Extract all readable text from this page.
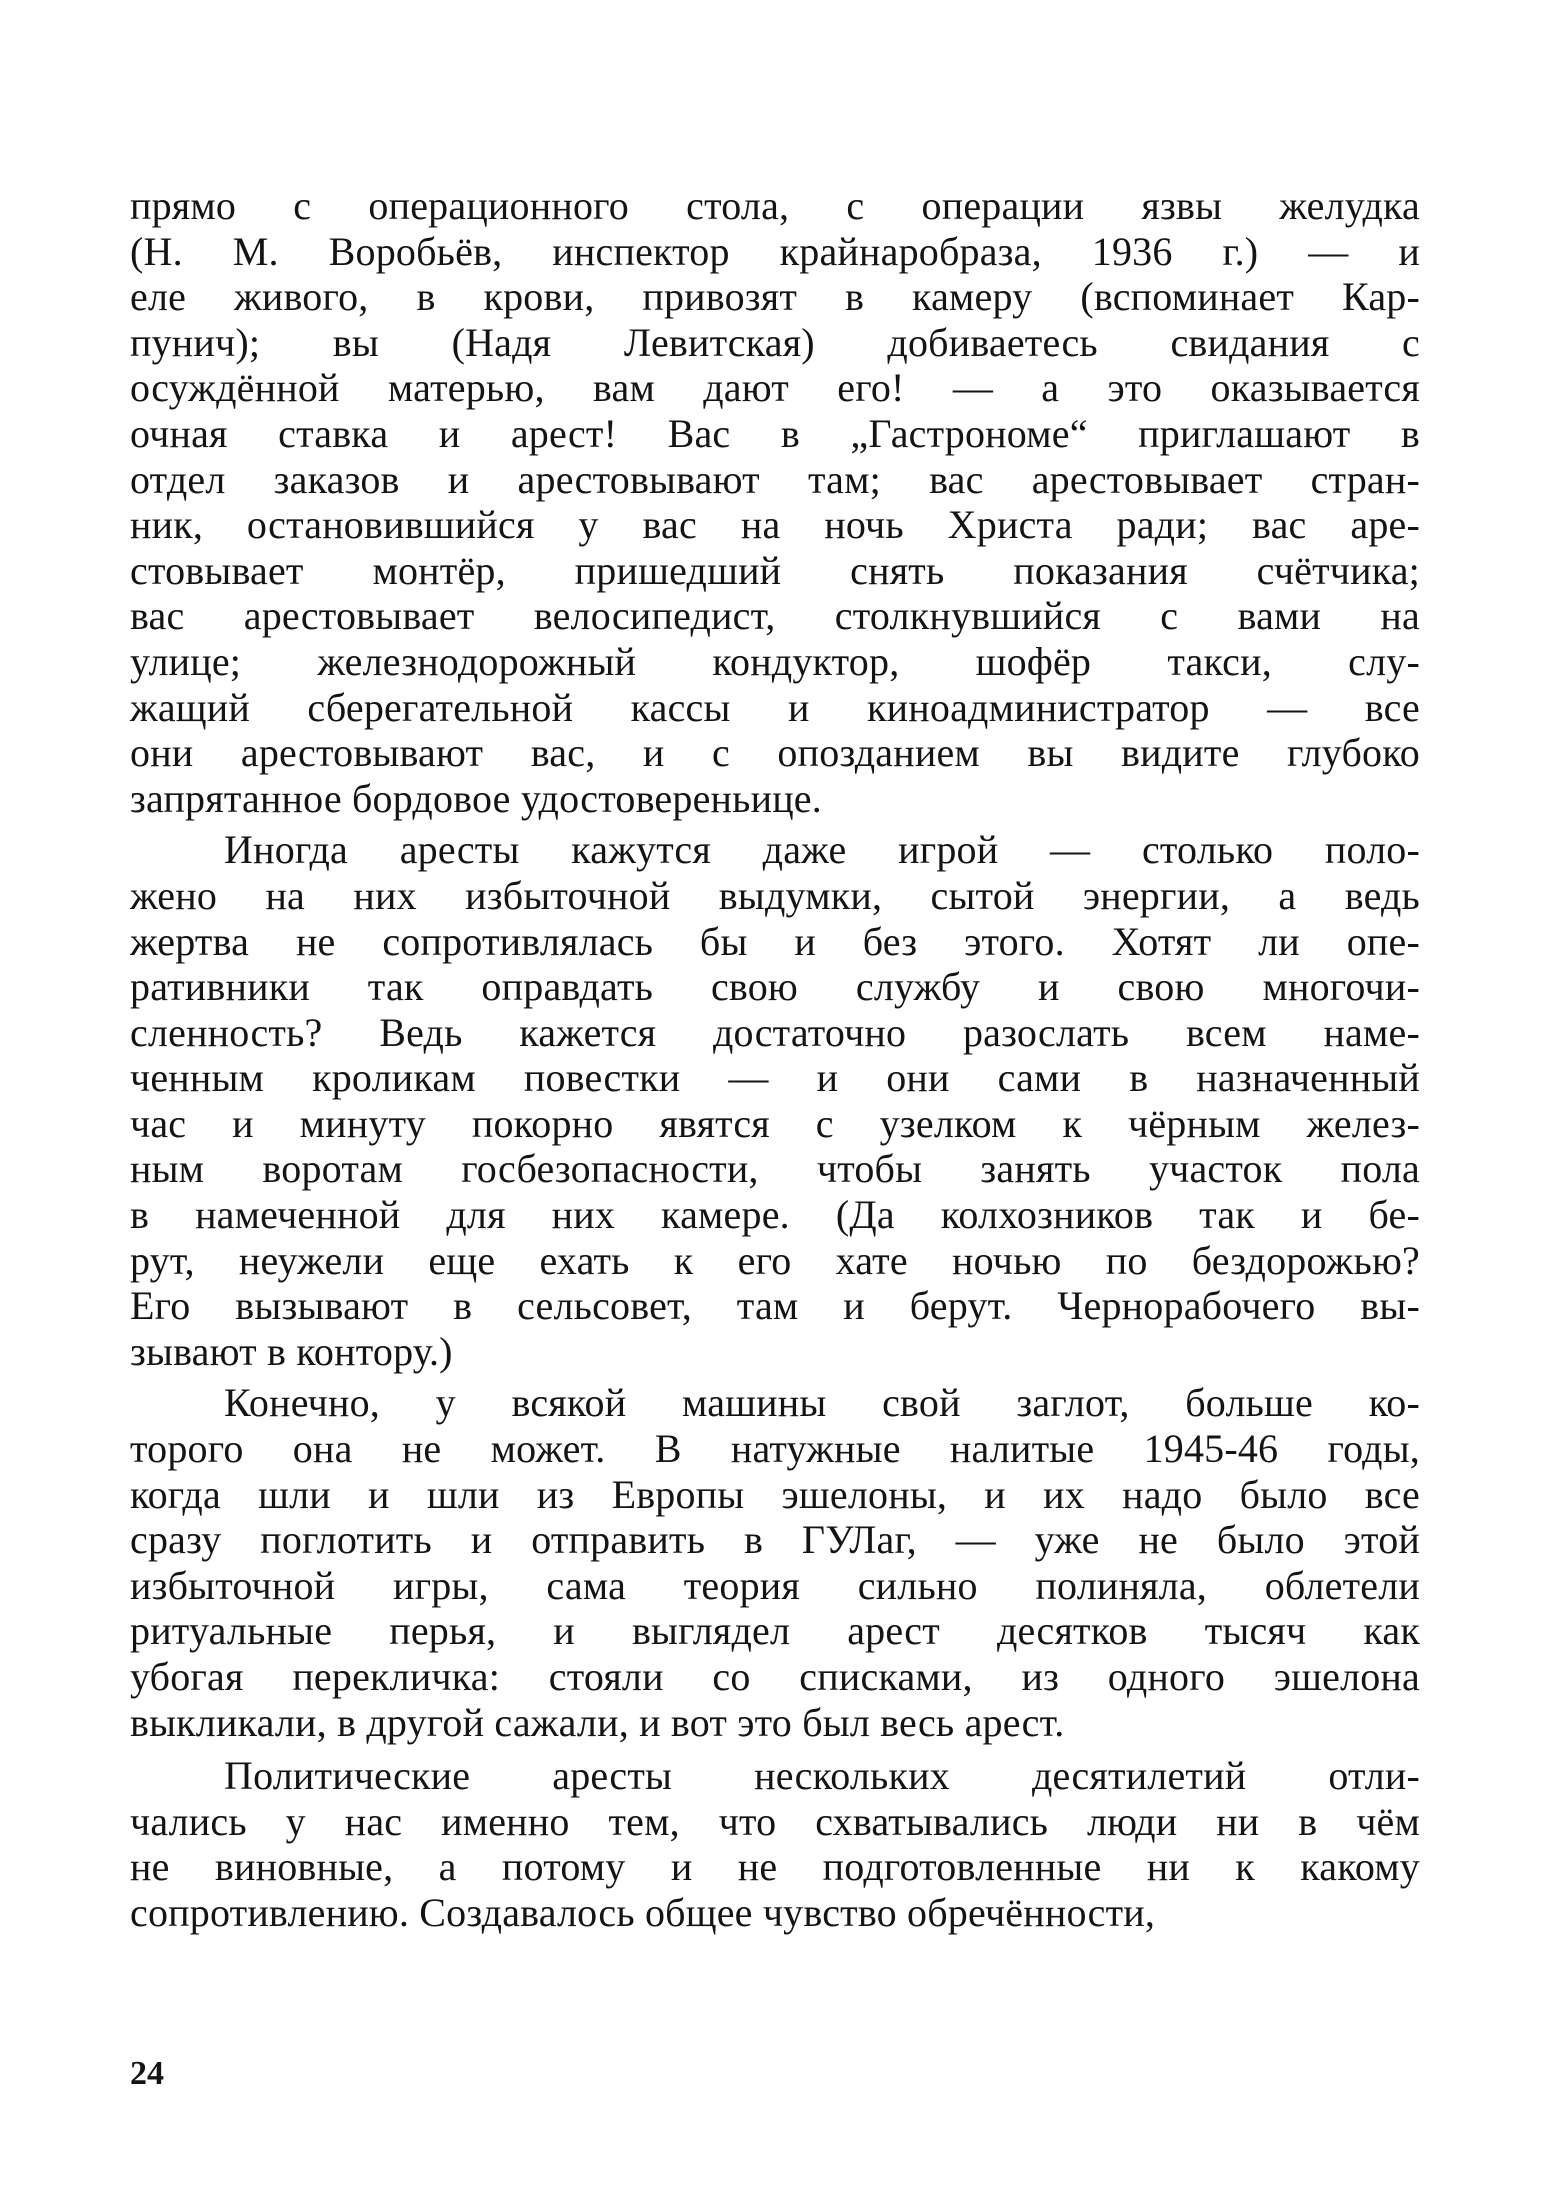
прямо с операционного стола, с операции язвы желудка
(Н. М. Воробьёв, инспектор крайнаробраза, 1936 г.) — и
еле живого, в крови, привозят в камеру (вспоминает Кар-
пунич); вы (Надя Левитская) добиваетесь свидания с
осуждённой матерью, вам дают его! — а это оказывается
очная ставка и арест! Вас в „Гастрономе“ приглашают в
отдел заказов и арестовывают там; вас арестовывает стран-
ник, остановившийся у вас на ночь Христа ради; вас аре-
стовывает монтёр, пришедший снять показания счётчика;
вас арестовывает велосипедист, столкнувшийся с вами на
улице; железнодорожный кондуктор, шофёр такси, слу-
жащий сберегательной кассы и киноадминистратор — все
они арестовывают вас, и с опозданием вы видите глубоко
запрятанное бордовое удостовереньице.
Иногда аресты кажутся даже игрой — столько поло-
жено на них избыточной выдумки, сытой энергии, а ведь
жертва не сопротивлялась бы и без этого. Хотят ли опе-
ративники так оправдать свою службу и свою многочи-
сленность? Ведь кажется достаточно разослать всем наме-
ченным кроликам повестки — и они сами в назначенный
час и минуту покорно явятся с узелком к чёрным желез-
ным воротам госбезопасности, чтобы занять участок пола
в намеченной для них камере. (Да колхозников так и бе-
рут, неужели еще ехать к его хате ночью по бездорожью?
Его вызывают в сельсовет, там и берут. Чернорабочего вы-
зывают в контору.)
Конечно, у всякой машины свой заглот, больше ко-
торого она не может. В натужные налитые 1945-46 годы,
когда шли и шли из Европы эшелоны, и их надо было все
сразу поглотить и отправить в ГУЛаг, — уже не было этой
избыточной игры, сама теория сильно полиняла, облетели
ритуальные перья, и выглядел арест десятков тысяч как
убогая перекличка: стояли со списками, из одного эшелона
выкликали, в другой сажали, и вот это был весь арест.
Политические аресты нескольких десятилетий отли-
чались у нас именно тем, что схватывались люди ни в чём
не виновные, а потому и не подготовленные ни к какому
сопротивлению. Создавалось общее чувство обречённости,
24
